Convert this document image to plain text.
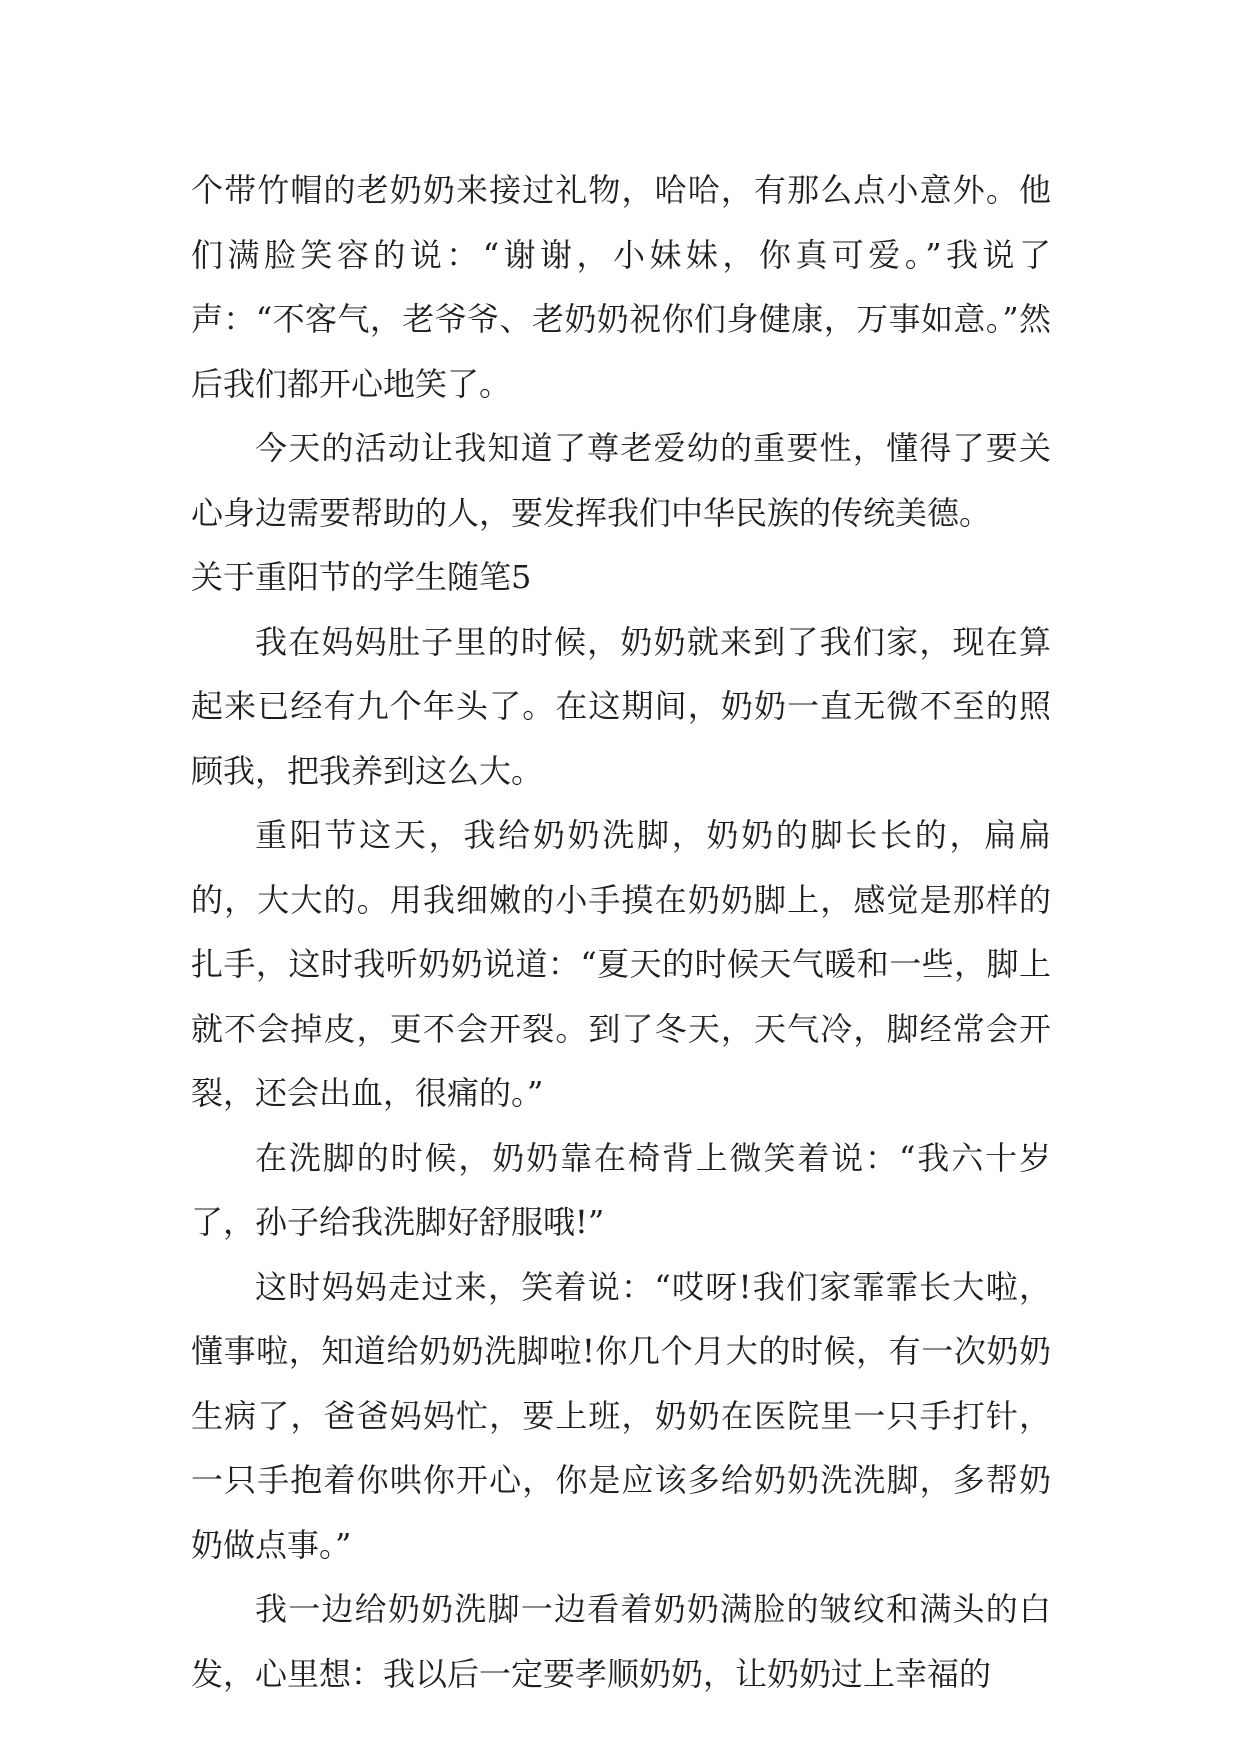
个带竹帽的老奶奶来接过礼物，哈哈，有那么点小意外。他们满脸笑容的说：“谢谢，小妹妹，你真可爱。”我说了声：“不客气，老爷爷、老奶奶祝你们身健康，万事如意。”然后我们都开心地笑了。

今天的活动让我知道了尊老爱幼的重要性，懂得了要关心身边需要帮助的人，要发挥我们中华民族的传统美德。

关于重阳节的学生随笔5

我在妈妈肚子里的时候，奶奶就来到了我们家，现在算起来已经有九个年头了。在这期间，奶奶一直无微不至的照顾我，把我养到这么大。

重阳节这天，我给奶奶洗脚，奶奶的脚长长的，扁扁的，大大的。用我细嫩的小手摸在奶奶脚上，感觉是那样的扎手，这时我听奶奶说道：“夏天的时候天气暖和一些，脚上就不会掉皮，更不会开裂。到了冬天，天气冷，脚经常会开裂，还会出血，很痛的。”

在洗脚的时候，奶奶靠在椅背上微笑着说：“我六十岁了，孙子给我洗脚好舒服哦!”

这时妈妈走过来，笑着说：“哎呀!我们家霏霏长大啦，懂事啦，知道给奶奶洗脚啦!你几个月大的时候，有一次奶奶生病了，爸爸妈妈忙，要上班，奶奶在医院里一只手打针，一只手抱着你哄你开心，你是应该多给奶奶洗洗脚，多帮奶奶做点事。”

我一边给奶奶洗脚一边看着奶奶满脸的皱纹和满头的白发，心里想：我以后一定要孝顺奶奶，让奶奶过上幸福的
